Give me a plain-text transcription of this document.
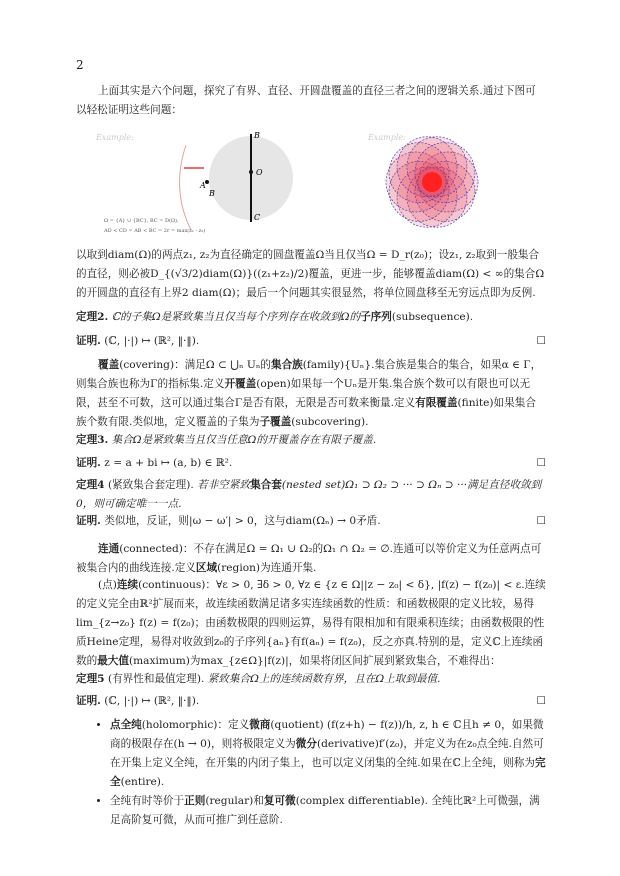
2
上面其实是六个问题，探究了有界、直径、开圆盘覆盖的直径三者之间的逻辑关系.通过下图可以轻松证明这些问题：
Example:	B
O
A
C
B
Ω = {A} ∪ {BC}, BC = D(Ω),
AD < CD = AB < BC = 2r = max(z₁ - z₂)
Example:
以取到diam(Ω)的两点z₁, z₂为直径确定的圆盘覆盖Ω当且仅当Ω = D_r(z₀)；设z₁, z₂取到一般集合的直径，则必被D_{(√3/2)diam(Ω)}((z₁+z₂)/2)覆盖，更进一步，能够覆盖diam(Ω) < ∞的集合Ω的开圆盘的直径有上界2 diam(Ω)；最后一个问题其实很显然，将单位圆盘移至无穷远点即为反例.
定理2. ℂ的子集Ω是紧致集当且仅当每个序列存在收敛到Ω的子序列(subsequence).
证明. (ℂ, |·|) ↦ (ℝ², ‖·‖).	☐
覆盖(covering)：满足Ω ⊂ ⋃ₙ Uₙ的集合族(family){Uₙ}.集合族是集合的集合，如果α ∈ Γ，则集合族也称为Γ的指标集.定义开覆盖(open)如果每一个Uₙ是开集.集合族个数可以有限也可以无限，甚至不可数，这可以通过集合Γ是否有限，无限是否可数来衡量.定义有限覆盖(finite)如果集合族个数有限.类似地，定义覆盖的子集为子覆盖(subcovering).
定理3. 集合Ω是紧致集当且仅当任意Ω的开覆盖存在有限子覆盖.
证明. z = a + bi ↦ (a, b) ∈ ℝ².	☐
定理4 (紧致集合套定理). 若非空紧致集合套(nested set)Ω₁ ⊃ Ω₂ ⊃ ··· ⊃ Ωₙ ⊃ ···满足直径收敛到0，则可确定唯一一点.
证明. 类似地，反证，则|ω − ω′| > 0，这与diam(Ωₙ) → 0矛盾.	☐
连通(connected)：不存在满足Ω = Ω₁ ∪ Ω₂的Ω₁ ∩ Ω₂ = ∅.连通可以等价定义为任意两点可被集合内的曲线连接.定义区域(region)为连通开集.
(点)连续(continuous)：∀ε > 0, ∃δ > 0, ∀z ∈ {z ∈ Ω||z − z₀| < δ}, |f(z) − f(z₀)| < ε.连续的定义完全由ℝ²扩展而来，故连续函数满足诸多实连续函数的性质：和函数极限的定义比较，易得lim_{z→z₀} f(z) = f(z₀)；由函数极限的四则运算，易得有限相加和有限乘积连续；由函数极限的性质Heine定理，易得对收敛到z₀的子序列{aₙ}有f(aₙ) = f(z₀)，反之亦真.特别的是，定义ℂ上连续函数的最大值(maximum)为max_{z∈Ω}|f(z)|，如果将闭区间扩展到紧致集合，不难得出：
定理5 (有界性和最值定理). 紧致集合Ω上的连续函数有界，且在Ω上取到最值.
证明. (ℂ, |·|) ↦ (ℝ², ‖·‖).	☐
• 点全纯(holomorphic)：定义微商(quotient) (f(z+h) − f(z))/h, z, h ∈ ℂ且h ≠ 0，如果微商的极限存在(h → 0)，则将极限定义为微分(derivative)f′(z₀)，并定义为在z₀点全纯.自然可在开集上定义全纯，在开集的内闭子集上，也可以定义闭集的全纯.如果在ℂ上全纯，则称为完全(entire).
• 全纯有时等价于正则(regular)和复可微(complex differentiable). 全纯比ℝ²上可微强，满足高阶复可微，从而可推广到任意阶.
